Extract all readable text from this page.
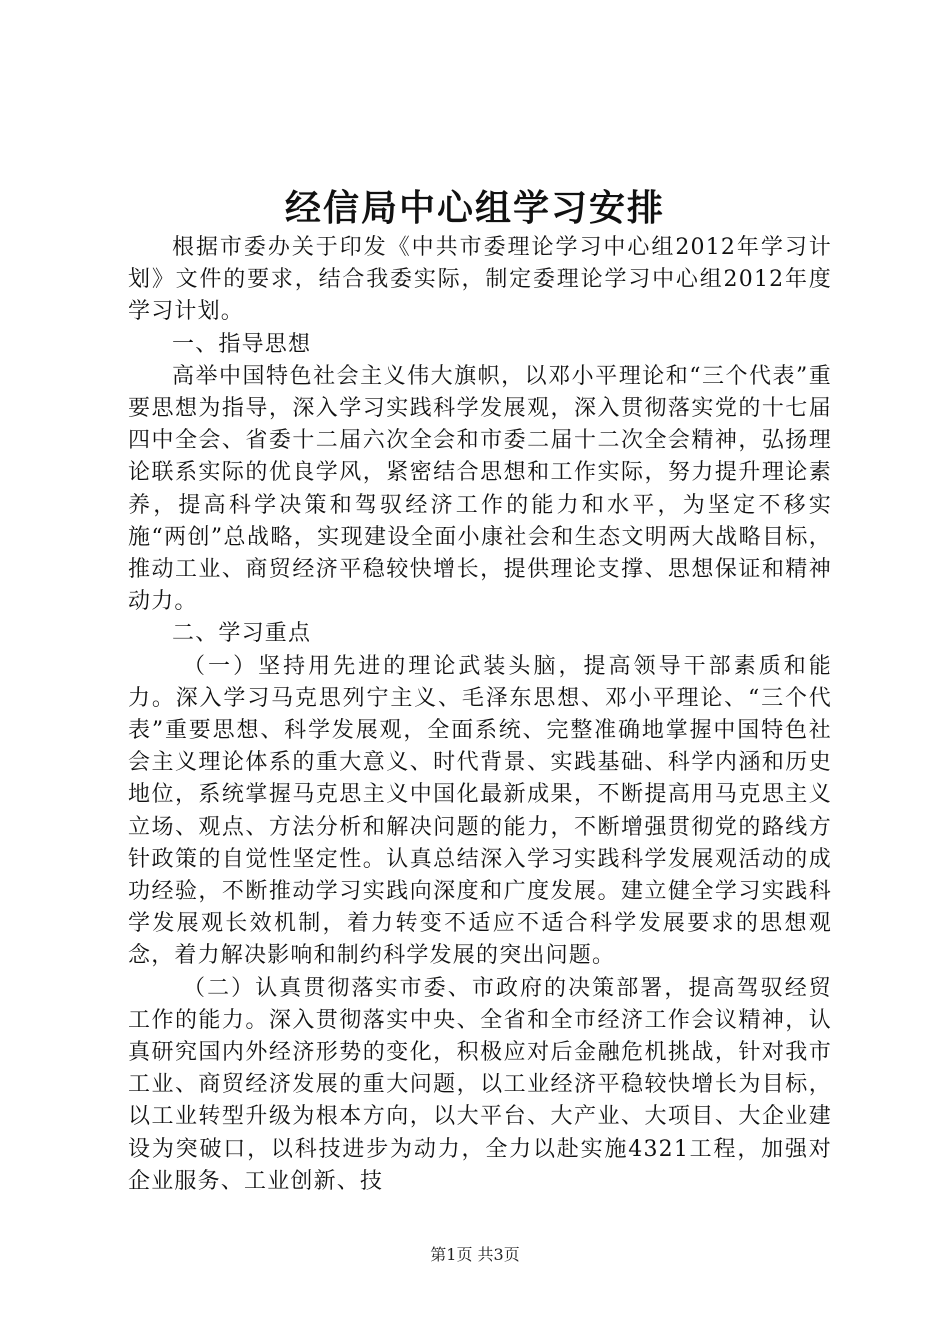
经信局中心组学习安排

根据市委办关于印发《中共市委理论学习中心组2012年学习计划》文件的要求，结合我委实际，制定委理论学习中心组2012年度学习计划。

一、指导思想

高举中国特色社会主义伟大旗帜，以邓小平理论和“三个代表”重要思想为指导，深入学习实践科学发展观，深入贯彻落实党的十七届四中全会、省委十二届六次全会和市委二届十二次全会精神，弘扬理论联系实际的优良学风，紧密结合思想和工作实际，努力提升理论素养，提高科学决策和驾驭经济工作的能力和水平，为坚定不移实施“两创”总战略，实现建设全面小康社会和生态文明两大战略目标，推动工业、商贸经济平稳较快增长，提供理论支撑、思想保证和精神动力。

二、学习重点

（一）坚持用先进的理论武装头脑，提高领导干部素质和能力。深入学习马克思列宁主义、毛泽东思想、邓小平理论、“三个代表”重要思想、科学发展观，全面系统、完整准确地掌握中国特色社会主义理论体系的重大意义、时代背景、实践基础、科学内涵和历史地位，系统掌握马克思主义中国化最新成果，不断提高用马克思主义立场、观点、方法分析和解决问题的能力，不断增强贯彻党的路线方针政策的自觉性坚定性。认真总结深入学习实践科学发展观活动的成功经验，不断推动学习实践向深度和广度发展。建立健全学习实践科学发展观长效机制，着力转变不适应不适合科学发展要求的思想观念，着力解决影响和制约科学发展的突出问题。

（二）认真贯彻落实市委、市政府的决策部署，提高驾驭经贸工作的能力。深入贯彻落实中央、全省和全市经济工作会议精神，认真研究国内外经济形势的变化，积极应对后金融危机挑战，针对我市工业、商贸经济发展的重大问题，以工业经济平稳较快增长为目标，以工业转型升级为根本方向，以大平台、大产业、大项目、大企业建设为突破口，以科技进步为动力，全力以赴实施4321工程，加强对企业服务、工业创新、技

第1页 共3页
